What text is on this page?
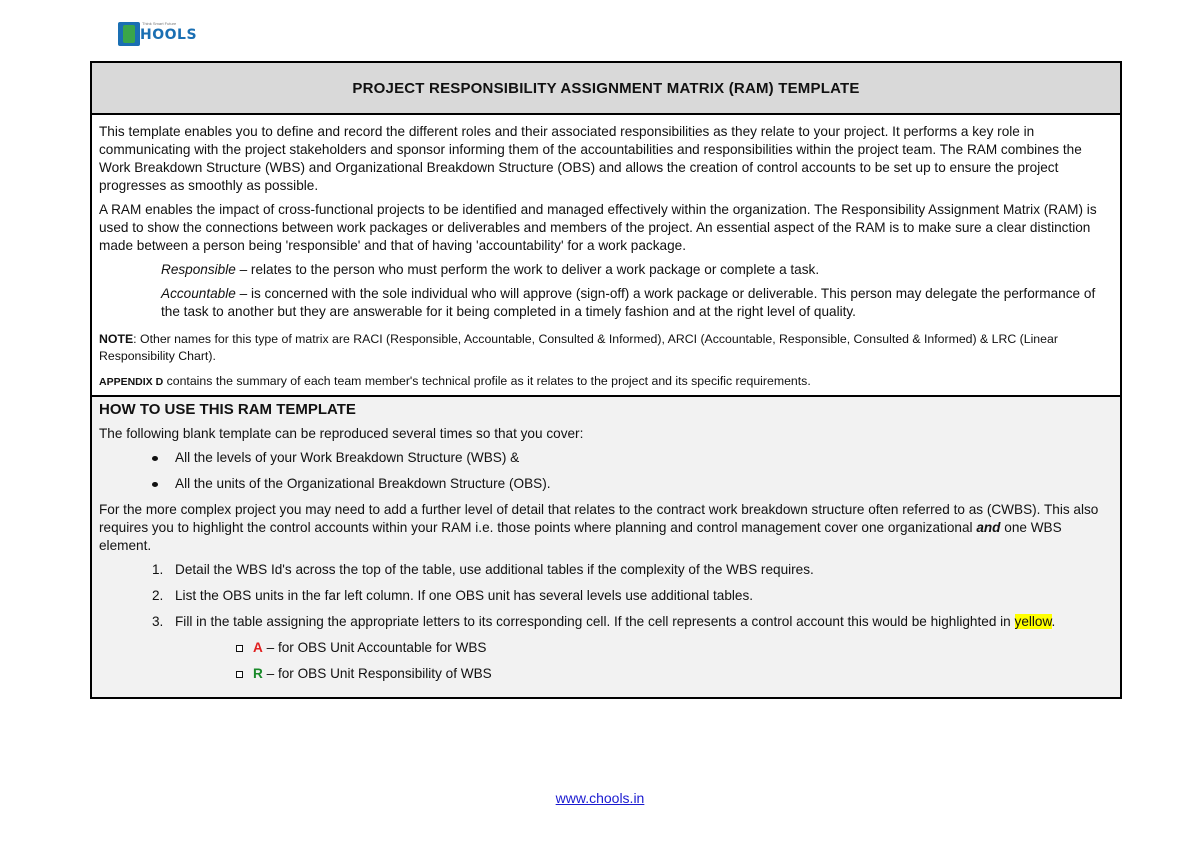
Think Smart Future
HOOLS
PROJECT RESPONSIBILITY ASSIGNMENT MATRIX (RAM) TEMPLATE

This template enables you to define and record the different roles and their associated responsibilities as they relate to your project. It performs a key role in communicating with the project stakeholders and sponsor informing them of the accountabilities and responsibilities within the project team. The RAM combines the Work Breakdown Structure (WBS) and Organizational Breakdown Structure (OBS) and allows the creation of control accounts to be set up to ensure the project progresses as smoothly as possible.

A RAM enables the impact of cross-functional projects to be identified and managed effectively within the organization. The Responsibility Assignment Matrix (RAM) is used to show the connections between work packages or deliverables and members of the project. An essential aspect of the RAM is to make sure a clear distinction made between a person being 'responsible' and that of having 'accountability' for a work package.

Responsible – relates to the person who must perform the work to deliver a work package or complete a task.

Accountable – is concerned with the sole individual who will approve (sign-off) a work package or deliverable. This person may delegate the performance of the task to another but they are answerable for it being completed in a timely fashion and at the right level of quality.

NOTE: Other names for this type of matrix are RACI (Responsible, Accountable, Consulted & Informed), ARCI (Accountable, Responsible, Consulted & Informed) & LRC (Linear Responsibility Chart).

APPENDIX D contains the summary of each team member's technical profile as it relates to the project and its specific requirements.

HOW TO USE THIS RAM TEMPLATE

The following blank template can be reproduced several times so that you cover:

All the levels of your Work Breakdown Structure (WBS) &
All the units of the Organizational Breakdown Structure (OBS).

For the more complex project you may need to add a further level of detail that relates to the contract work breakdown structure often referred to as (CWBS). This also requires you to highlight the control accounts within your RAM i.e. those points where planning and control management cover one organizational and one WBS element.

1. Detail the WBS Id's across the top of the table, use additional tables if the complexity of the WBS requires.
2. List the OBS units in the far left column. If one OBS unit has several levels use additional tables.
3. Fill in the table assigning the appropriate letters to its corresponding cell. If the cell represents a control account this would be highlighted in yellow.
A – for OBS Unit Accountable for WBS
R – for OBS Unit Responsibility of WBS
www.chools.in
